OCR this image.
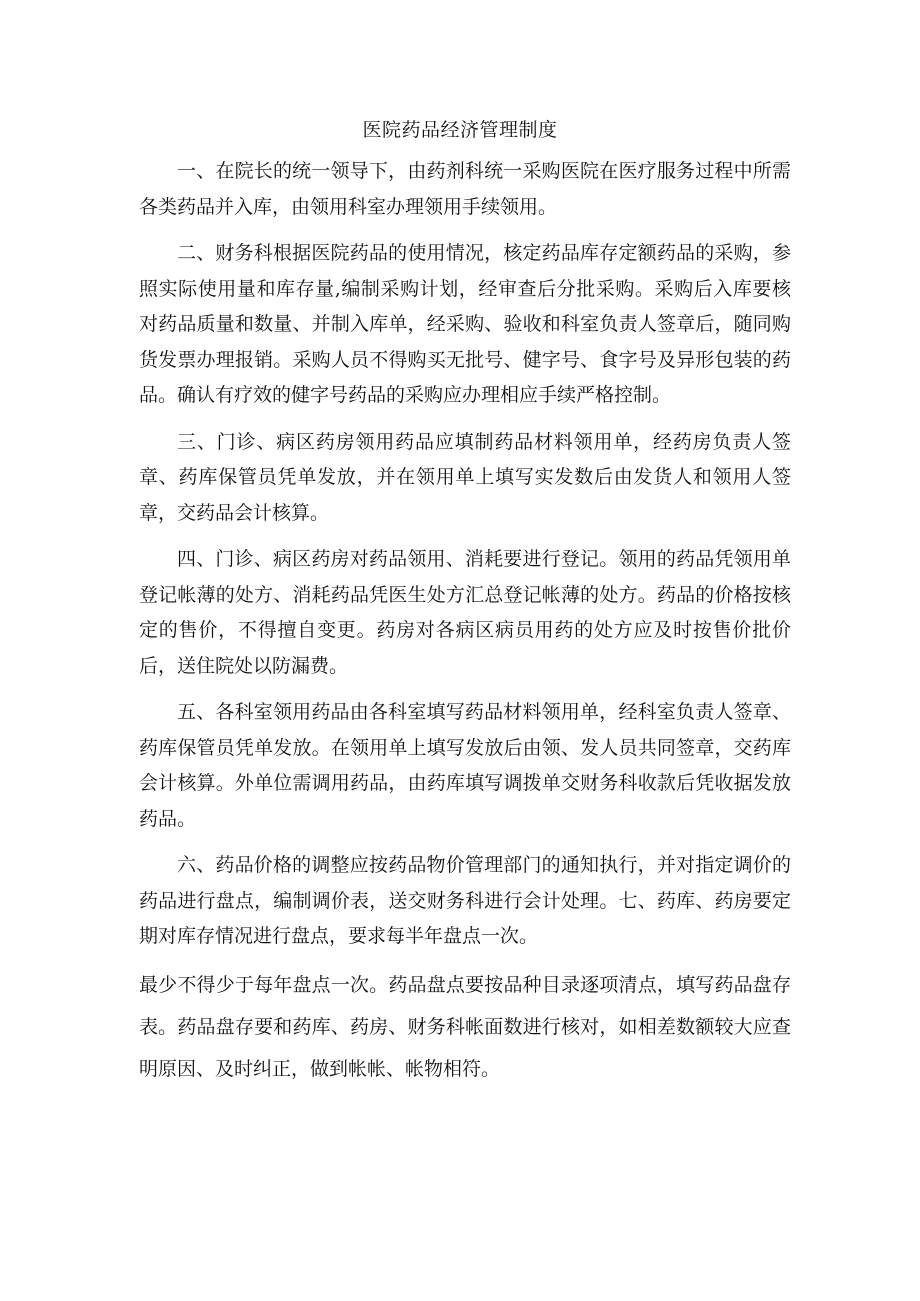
医院药品经济管理制度

一、在院长的统一领导下，由药剂科统一采购医院在医疗服务过程中所需各类药品并入库，由领用科室办理领用手续领用。

二、财务科根据医院药品的使用情况，核定药品库存定额药品的采购，参照实际使用量和库存量,编制采购计划，经审查后分批采购。采购后入库要核对药品质量和数量、并制入库单，经采购、验收和科室负责人签章后，随同购货发票办理报销。采购人员不得购买无批号、健字号、食字号及异形包装的药品。确认有疗效的健字号药品的采购应办理相应手续严格控制。

三、门诊、病区药房领用药品应填制药品材料领用单，经药房负责人签章、药库保管员凭单发放，并在领用单上填写实发数后由发货人和领用人签章，交药品会计核算。

四、门诊、病区药房对药品领用、消耗要进行登记。领用的药品凭领用单登记帐薄的处方、消耗药品凭医生处方汇总登记帐薄的处方。药品的价格按核定的售价，不得擅自变更。药房对各病区病员用药的处方应及时按售价批价后，送住院处以防漏费。

五、各科室领用药品由各科室填写药品材料领用单，经科室负责人签章、药库保管员凭单发放。在领用单上填写发放后由领、发人员共同签章，交药库会计核算。外单位需调用药品，由药库填写调拨单交财务科收款后凭收据发放药品。

六、药品价格的调整应按药品物价管理部门的通知执行，并对指定调价的药品进行盘点，编制调价表，送交财务科进行会计处理。七、药库、药房要定期对库存情况进行盘点，要求每半年盘点一次。

最少不得少于每年盘点一次。药品盘点要按品种目录逐项清点，填写药品盘存表。药品盘存要和药库、药房、财务科帐面数进行核对，如相差数额较大应查明原因、及时纠正，做到帐帐、帐物相符。
